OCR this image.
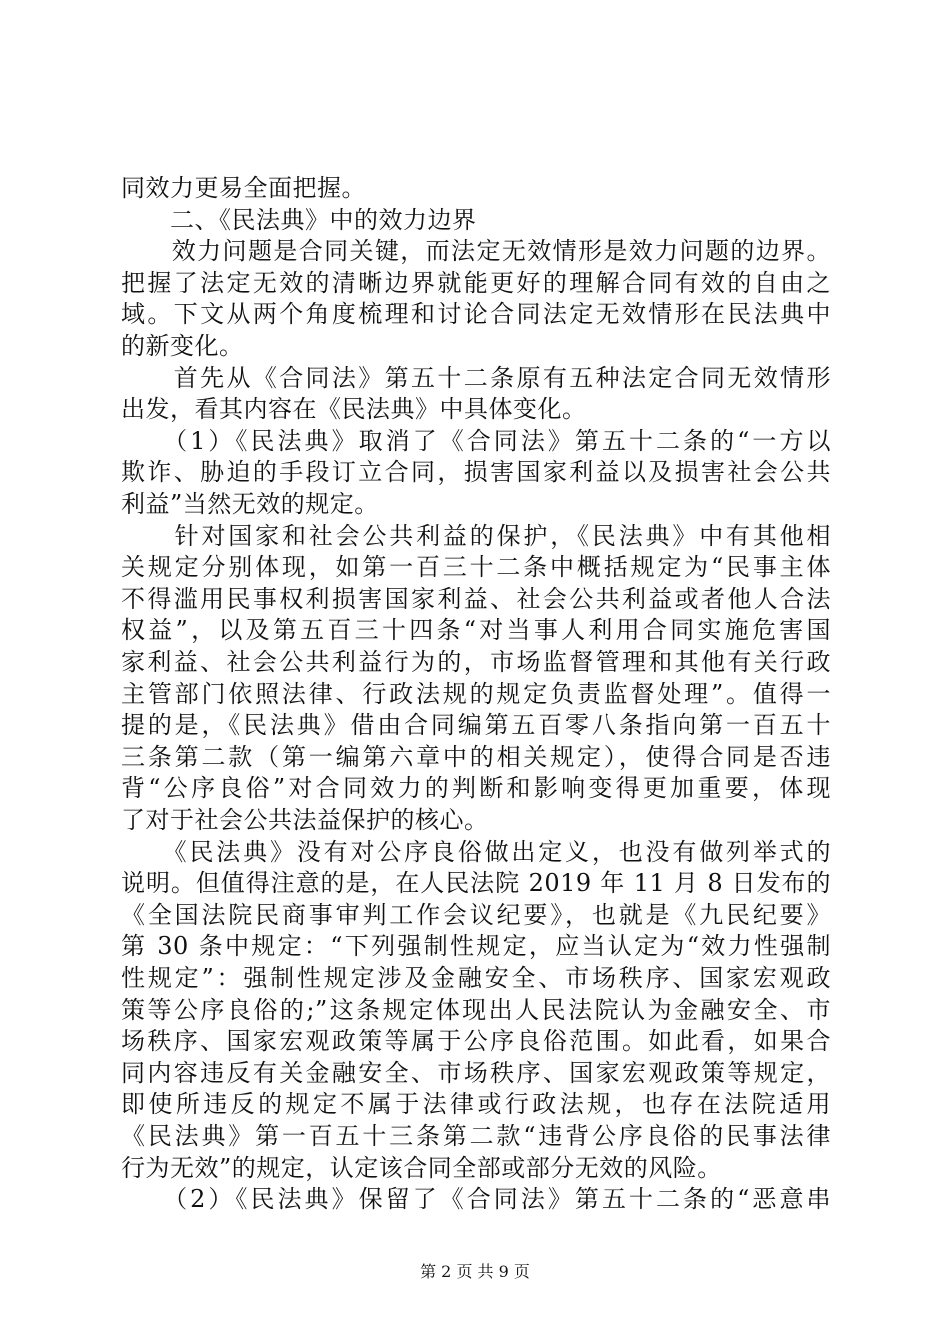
同效力更易全面把握。
　　二、《民法典》中的效力边界
　　效力问题是合同关键，而法定无效情形是效力问题的边界。
把握了法定无效的清晰边界就能更好的理解合同有效的自由之
域。下文从两个角度梳理和讨论合同法定无效情形在民法典中
的新变化。
　　首先从《合同法》第五十二条原有五种法定合同无效情形
出发，看其内容在《民法典》中具体变化。
　　（1）《民法典》取消了《合同法》第五十二条的“一方以
欺诈、胁迫的手段订立合同，损害国家利益以及损害社会公共
利益”当然无效的规定。
　　针对国家和社会公共利益的保护，《民法典》中有其他相
关规定分别体现，如第一百三十二条中概括规定为“民事主体
不得滥用民事权利损害国家利益、社会公共利益或者他人合法
权益”，以及第五百三十四条“对当事人利用合同实施危害国
家利益、社会公共利益行为的，市场监督管理和其他有关行政
主管部门依照法律、行政法规的规定负责监督处理”。值得一
提的是，《民法典》借由合同编第五百零八条指向第一百五十
三条第二款（第一编第六章中的相关规定），使得合同是否违
背“公序良俗”对合同效力的判断和影响变得更加重要，体现
了对于社会公共法益保护的核心。
　　《民法典》没有对公序良俗做出定义，也没有做列举式的
说明。但值得注意的是，在人民法院 2019 年 11 月 8 日发布的
《全国法院民商事审判工作会议纪要》，也就是《九民纪要》
第 30 条中规定：“下列强制性规定，应当认定为“效力性强制
性规定”：强制性规定涉及金融安全、市场秩序、国家宏观政
策等公序良俗的;”这条规定体现出人民法院认为金融安全、市
场秩序、国家宏观政策等属于公序良俗范围。如此看，如果合
同内容违反有关金融安全、市场秩序、国家宏观政策等规定，
即使所违反的规定不属于法律或行政法规，也存在法院适用
《民法典》第一百五十三条第二款“违背公序良俗的民事法律
行为无效”的规定，认定该合同全部或部分无效的风险。
　　（2）《民法典》保留了《合同法》第五十二条的“恶意串
第 2 页 共 9 页
